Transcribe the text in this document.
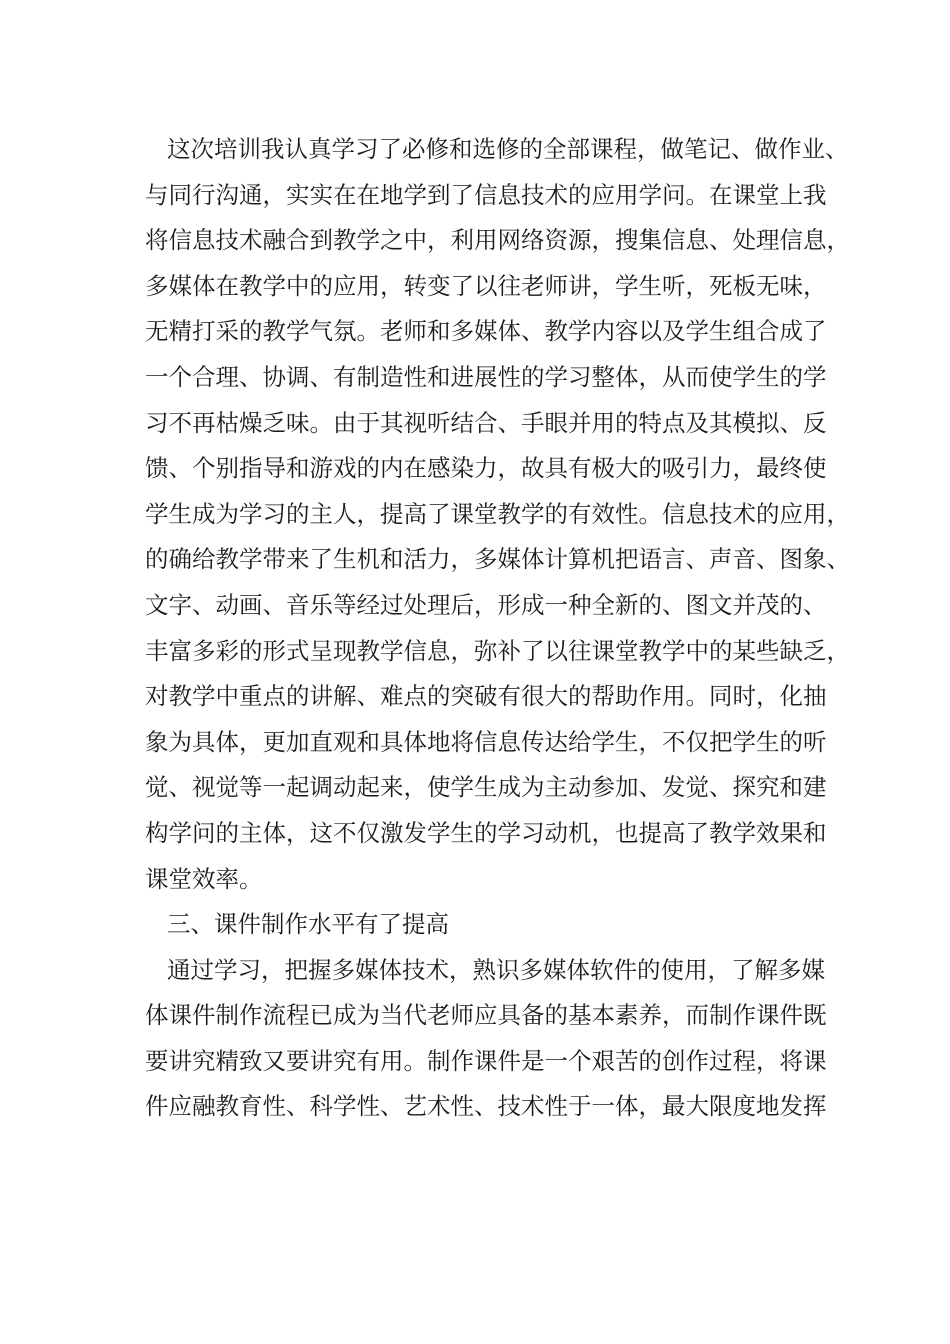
这次培训我认真学习了必修和选修的全部课程，做笔记、做作业、
与同行沟通，实实在在地学到了信息技术的应用学问。在课堂上我
将信息技术融合到教学之中，利用网络资源，搜集信息、处理信息，
多媒体在教学中的应用，转变了以往老师讲，学生听，死板无味，
无精打采的教学气氛。老师和多媒体、教学内容以及学生组合成了
一个合理、协调、有制造性和进展性的学习整体，从而使学生的学
习不再枯燥乏味。由于其视听结合、手眼并用的特点及其模拟、反
馈、个别指导和游戏的内在感染力，故具有极大的吸引力，最终使
学生成为学习的主人，提高了课堂教学的有效性。信息技术的应用，
的确给教学带来了生机和活力，多媒体计算机把语言、声音、图象、
文字、动画、音乐等经过处理后，形成一种全新的、图文并茂的、
丰富多彩的形式呈现教学信息，弥补了以往课堂教学中的某些缺乏，
对教学中重点的讲解、难点的突破有很大的帮助作用。同时，化抽
象为具体，更加直观和具体地将信息传达给学生，不仅把学生的听
觉、视觉等一起调动起来，使学生成为主动参加、发觉、探究和建
构学问的主体，这不仅激发学生的学习动机，也提高了教学效果和
课堂效率。
三、课件制作水平有了提高
通过学习，把握多媒体技术，熟识多媒体软件的使用，了解多媒
体课件制作流程已成为当代老师应具备的基本素养，而制作课件既
要讲究精致又要讲究有用。制作课件是一个艰苦的创作过程，将课
件应融教育性、科学性、艺术性、技术性于一体，最大限度地发挥
